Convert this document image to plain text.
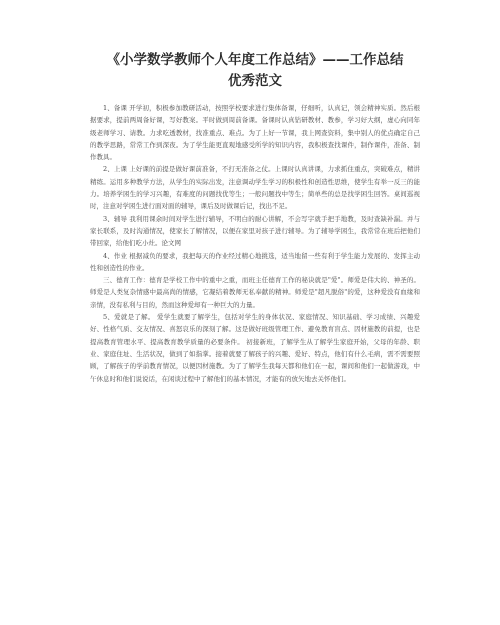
《小学数学教师个人年度工作总结》——工作总结
优秀范文

1、备课 开学初，积极参加教研活动，按照学校要求进行集体备课，仔细听，认真记，领会精神实质。然后根据要求，提前两周备好课，写好教案。平时做到周前备课。备课时认真钻研教材、教参，学习好大纲，虚心向同年级老师学习、请教。力求吃透教材，找准重点、难点。为了上好一节课，我上网查资料，集中别人的优点确定自己的教学思路，常常工作到深夜。为了学生能更直观地感受所学的知识内容，我积极查找课件，制作课件，准备、制作教具。

2、上课 上好课的前提是做好课前准备，不打无准备之仗。上课时认真讲课，力求抓住重点，突破难点，精讲精练。运用多种教学方法，从学生的实际出发，注意调动学生学习的积极性和创造性思维，使学生有举一反三的能力。培养学困生的学习兴趣，有难度的问题找优等生；一般问题找中等生；简单些的总是找学困生回答。桌间巡视时，注意对学困生进行面对面的辅导，课后及时做课后记，找出不足。

3、辅导 我利用课余时间对学生进行辅导，不明白的耐心讲解，不会写字就手把手地教，及时查缺补漏。并与家长联系，及时沟通情况，使家长了解情况，以便在家里对孩子进行辅导。为了辅导学困生，我常常在班后把他们带回家，给他们吃小灶。论文网

4、作业 根据减负的要求，我把每天的作业经过精心地挑选，适当地留一些有利于学生能力发展的、发挥主动性和创造性的作业。

三、德育工作：德育是学校工作中的重中之重，而班主任德育工作的秘诀就是"爱"。师爱是伟大的、神圣的。师爱是人类复杂情感中最高尚的情感，它凝结着教师无私奉献的精神。师爱是"超凡脱俗"的爱，这种爱没有血缘和亲情，没有私利与目的，然而这种爱却有一种巨大的力量。

5、爱就是了解。 爱学生就要了解学生，包括对学生的身体状况、家庭情况、知识基础、学习成绩、兴趣爱好、性格气质、交友情况、喜怒哀乐的深刻了解。这是做好班级管理工作、避免教育盲点、因材施教的前提，也是提高教育管理水平、提高教育教学质量的必要条件。 初接新班，了解学生从了解学生家庭开始，父母的年龄、职业、家庭住址、生活状况，做到了如指掌。接着就要了解孩子的兴趣、爱好、特点，他们有什么毛病，需不需要照顾，了解孩子的学前教育情况，以便因材施教。为了了解学生我每天都和他们在一起，课间和他们一起做游戏，中午休息时和他们说说话，在闲谈过程中了解他们的基本情况，才能有的放矢地去关怀他们。
